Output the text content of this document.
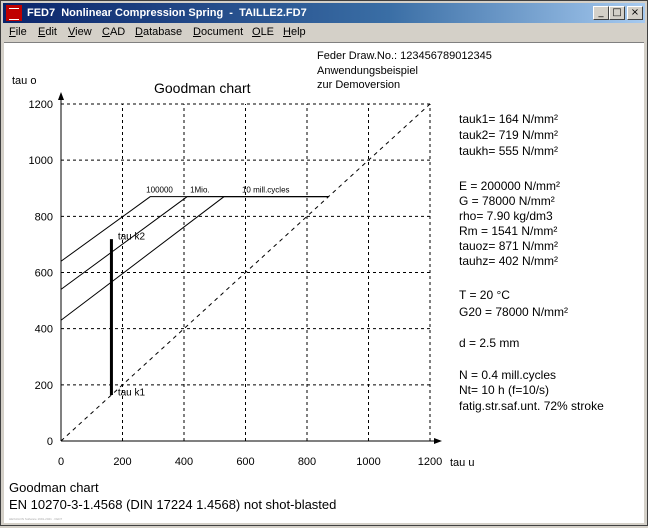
FED7  Nonlinear Compression Spring  -  TAILLE2.FD7	_ □ ×
File Edit View CAD Database Document OLE Help
Feder Draw.No.: 123456789012345
Anwendungsbeispiel
zur Demoversion
0	200	400	600	800	1000	1200
0
200
400
600
800
1000
1200
100000 1Mio.	10 mill.cycles
tau k2
tau k1
Goodman chart
tau o
tau u
tauk1= 164 N/mm²
tauk2= 719 N/mm²
taukh= 555 N/mm²
E = 200000 N/mm²
G = 78000 N/mm²
rho= 7.90 kg/dm3
Rm = 1541 N/mm²
tauoz= 871 N/mm²
tauhz= 402 N/mm²
T = 20 °C
G20 = 78000 N/mm²
d = 2.5 mm
N = 0.4 mill.cycles
Nt= 10 h (f=10/s)
fatig.str.saf.unt. 72% stroke
Goodman chart
EN 10270-3-1.4568 (DIN 17224 1.4568) not shot-blasted
HEXAGON Software 1991-2021 · FED7
